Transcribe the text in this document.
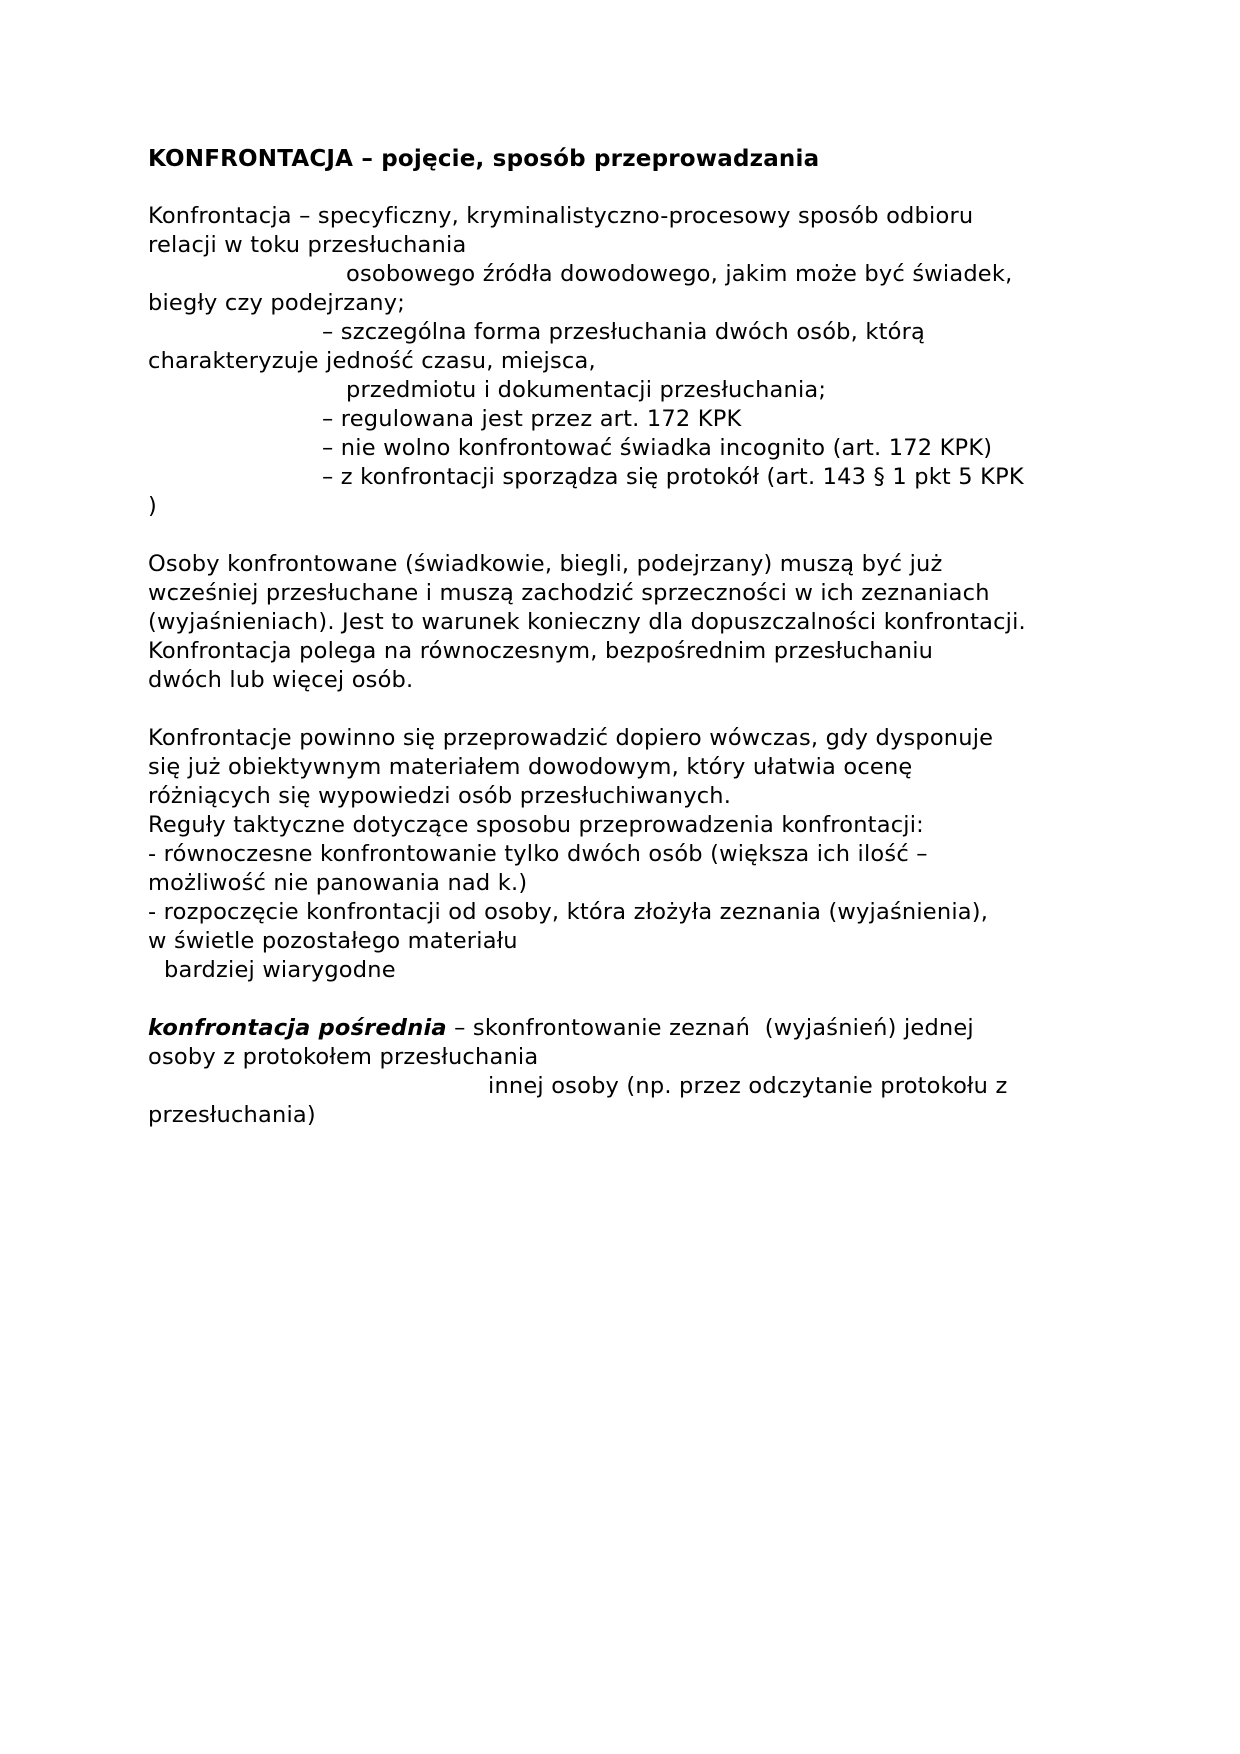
KONFRONTACJA – pojęcie, sposób przeprowadzania
Konfrontacja – specyficzny, kryminalistyczno-procesowy sposób odbioru
relacji w toku przesłuchania
osobowego źródła dowodowego, jakim może być świadek,
biegły czy podejrzany;
– szczególna forma przesłuchania dwóch osób, którą
charakteryzuje jedność czasu, miejsca,
przedmiotu i dokumentacji przesłuchania;
– regulowana jest przez art. 172 KPK
– nie wolno konfrontować świadka incognito (art. 172 KPK)
– z konfrontacji sporządza się protokół (art. 143 § 1 pkt 5 KPK
)
Osoby konfrontowane (świadkowie, biegli, podejrzany) muszą być już
wcześniej przesłuchane i muszą zachodzić sprzeczności w ich zeznaniach
(wyjaśnieniach). Jest to warunek konieczny dla dopuszczalności konfrontacji.
Konfrontacja polega na równoczesnym, bezpośrednim przesłuchaniu
dwóch lub więcej osób.
Konfrontacje powinno się przeprowadzić dopiero wówczas, gdy dysponuje
się już obiektywnym materiałem dowodowym, który ułatwia ocenę
różniących się wypowiedzi osób przesłuchiwanych.
Reguły taktyczne dotyczące sposobu przeprowadzenia konfrontacji:
- równoczesne konfrontowanie tylko dwóch osób (większa ich ilość –
możliwość nie panowania nad k.)
- rozpoczęcie konfrontacji od osoby, która złożyła zeznania (wyjaśnienia),
w świetle pozostałego materiału
bardziej wiarygodne
konfrontacja pośrednia – skonfrontowanie zeznań  (wyjaśnień) jednej
osoby z protokołem przesłuchania
innej osoby (np. przez odczytanie protokołu z
przesłuchania)
